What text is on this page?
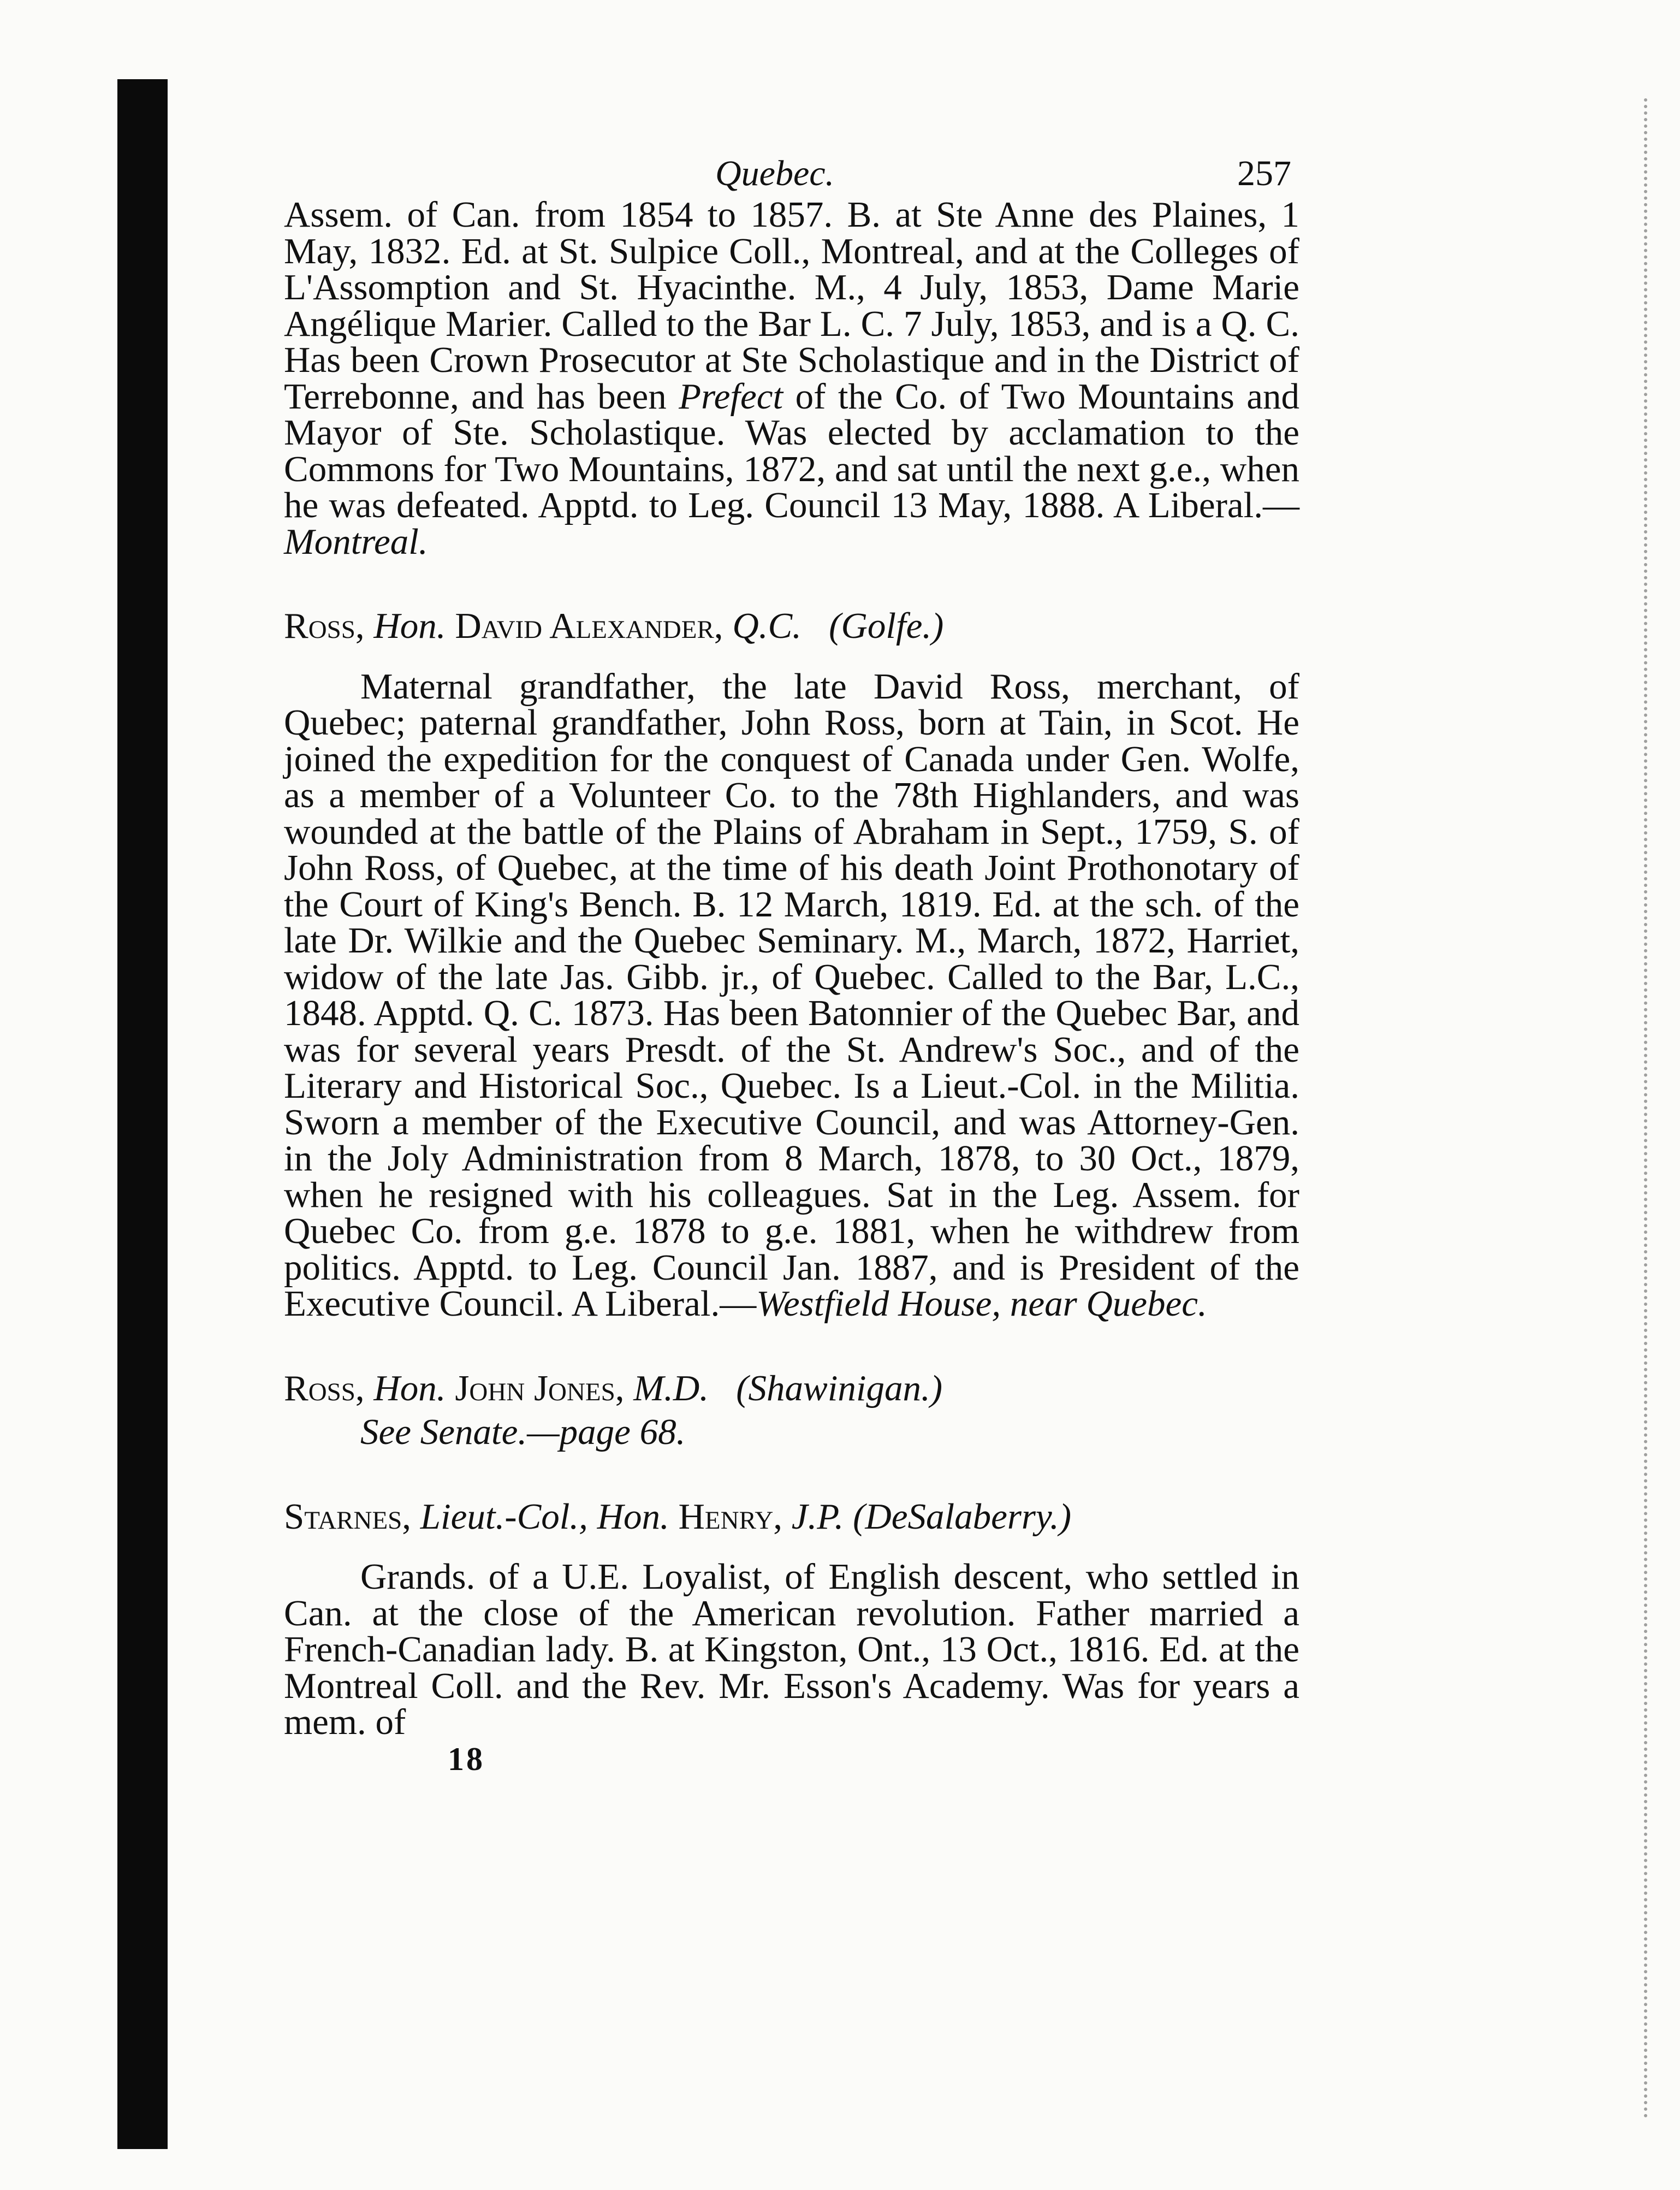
Quebec.	257

Assem. of Can. from 1854 to 1857. B. at Ste Anne des Plaines, 1 May, 1832. Ed. at St. Sulpice Coll., Montreal, and at the Colleges of L'Assomption and St. Hyacinthe. M., 4 July, 1853, Dame Marie Angélique Marier. Called to the Bar L. C. 7 July, 1853, and is a Q. C. Has been Crown Prosecutor at Ste Scholastique and in the District of Terrebonne, and has been Prefect of the Co. of Two Mountains and Mayor of Ste. Scholastique. Was elected by acclamation to the Commons for Two Mountains, 1872, and sat until the next g.e., when he was defeated. Apptd. to Leg. Council 13 May, 1888. A Liberal.—Montreal.

Ross, Hon. David Alexander, Q.C. (Golfe.)

Maternal grandfather, the late David Ross, merchant, of Quebec; paternal grandfather, John Ross, born at Tain, in Scot. He joined the expedition for the conquest of Canada under Gen. Wolfe, as a member of a Volunteer Co. to the 78th Highlanders, and was wounded at the battle of the Plains of Abraham in Sept., 1759, S. of John Ross, of Quebec, at the time of his death Joint Prothonotary of the Court of King's Bench. B. 12 March, 1819. Ed. at the sch. of the late Dr. Wilkie and the Quebec Seminary. M., March, 1872, Harriet, widow of the late Jas. Gibb. jr., of Quebec. Called to the Bar, L.C., 1848. Apptd. Q. C. 1873. Has been Batonnier of the Quebec Bar, and was for several years Presdt. of the St. Andrew's Soc., and of the Literary and Historical Soc., Quebec. Is a Lieut.-Col. in the Militia. Sworn a member of the Executive Council, and was Attorney-Gen. in the Joly Administration from 8 March, 1878, to 30 Oct., 1879, when he resigned with his colleagues. Sat in the Leg. Assem. for Quebec Co. from g.e. 1878 to g.e. 1881, when he withdrew from politics. Apptd. to Leg. Council Jan. 1887, and is President of the Executive Council. A Liberal.—Westfield House, near Quebec.

Ross, Hon. John Jones, M.D. (Shawinigan.)
See Senate.—page 68.
Starnes, Lieut.-Col., Hon. Henry, J.P. (DeSalaberry.)

Grands. of a U.E. Loyalist, of English descent, who settled in Can. at the close of the American revolution. Father married a French-Canadian lady. B. at Kingston, Ont., 13 Oct., 1816. Ed. at the Montreal Coll. and the Rev. Mr. Esson's Academy. Was for years a mem. of

18
